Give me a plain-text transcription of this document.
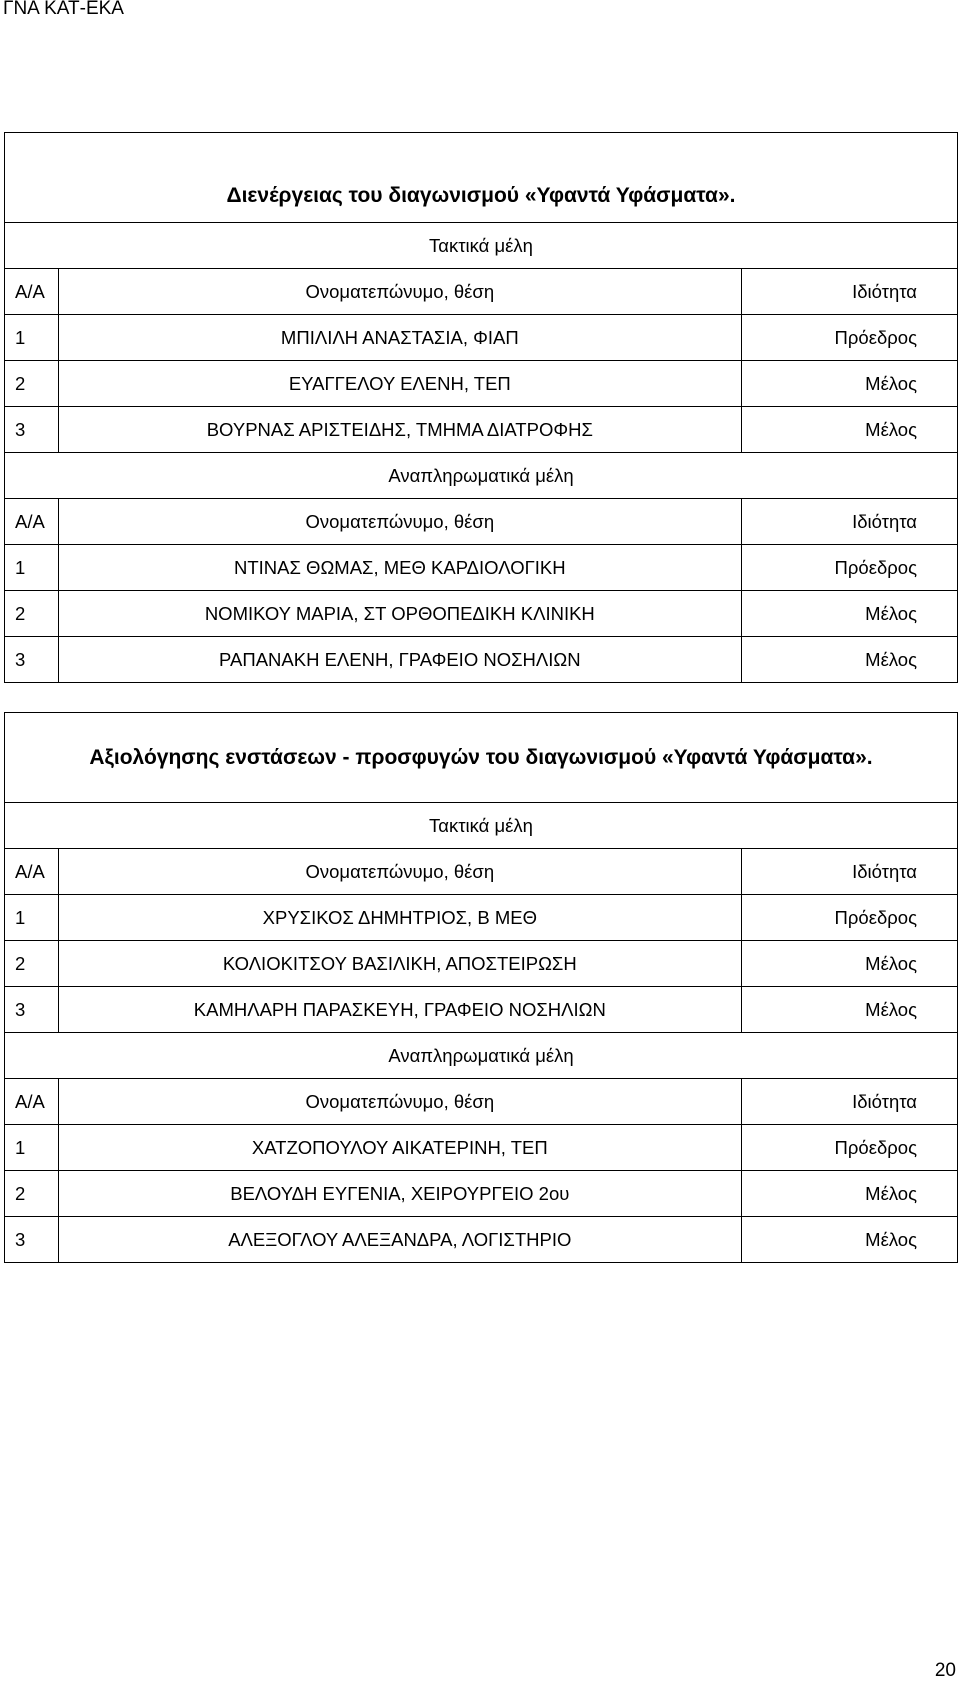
ΓΝΑ ΚΑΤ-ΕΚΑ
Διενέργειας του διαγωνισμού «Υφαντά Υφάσματα».		
Τακτικά μέλη		
Α/Α	Ονοματεπώνυμο, θέση	Ιδιότητα
1	ΜΠΙΛΙΛΗ ΑΝΑΣΤΑΣΙΑ, ΦΙΑΠ	Πρόεδρος
2	ΕΥΑΓΓΕΛΟΥ ΕΛΕΝΗ, ΤΕΠ	Μέλος
3	ΒΟΥΡΝΑΣ ΑΡΙΣΤΕΙΔΗΣ, ΤΜΗΜΑ ΔΙΑΤΡΟΦΗΣ	Μέλος
Αναπληρωματικά μέλη		
Α/Α	Ονοματεπώνυμο, θέση	Ιδιότητα
1	ΝΤΙΝΑΣ ΘΩΜΑΣ, ΜΕΘ ΚΑΡΔΙΟΛΟΓΙΚΗ	Πρόεδρος
2	ΝΟΜΙΚΟΥ ΜΑΡΙΑ, ΣΤ ΟΡΘΟΠΕΔΙΚΗ ΚΛΙΝΙΚΗ	Μέλος
3	ΡΑΠΑΝΑΚΗ ΕΛΕΝΗ, ΓΡΑΦΕΙΟ ΝΟΣΗΛΙΩΝ	Μέλος
Αξιολόγησης ενστάσεων - προσφυγών του διαγωνισμού «Υφαντά Υφάσματα».		
Τακτικά μέλη		
Α/Α	Ονοματεπώνυμο, θέση	Ιδιότητα
1	ΧΡΥΣΙΚΟΣ ΔΗΜΗΤΡΙΟΣ, Β ΜΕΘ	Πρόεδρος
2	ΚΟΛΙΟΚΙΤΣΟΥ ΒΑΣΙΛΙΚΗ, ΑΠΟΣΤΕΙΡΩΣΗ	Μέλος
3	ΚΑΜΗΛΑΡΗ ΠΑΡΑΣΚΕΥΗ, ΓΡΑΦΕΙΟ ΝΟΣΗΛΙΩΝ	Μέλος
Αναπληρωματικά μέλη		
Α/Α	Ονοματεπώνυμο, θέση	Ιδιότητα
1	ΧΑΤΖΟΠΟΥΛΟΥ ΑΙΚΑΤΕΡΙΝΗ, ΤΕΠ	Πρόεδρος
2	ΒΕΛΟΥΔΗ ΕΥΓΕΝΙΑ, ΧΕΙΡΟΥΡΓΕΙΟ 2ου	Μέλος
3	ΑΛΕΞΟΓΛΟΥ ΑΛΕΞΑΝΔΡΑ, ΛΟΓΙΣΤΗΡΙΟ	Μέλος
20
